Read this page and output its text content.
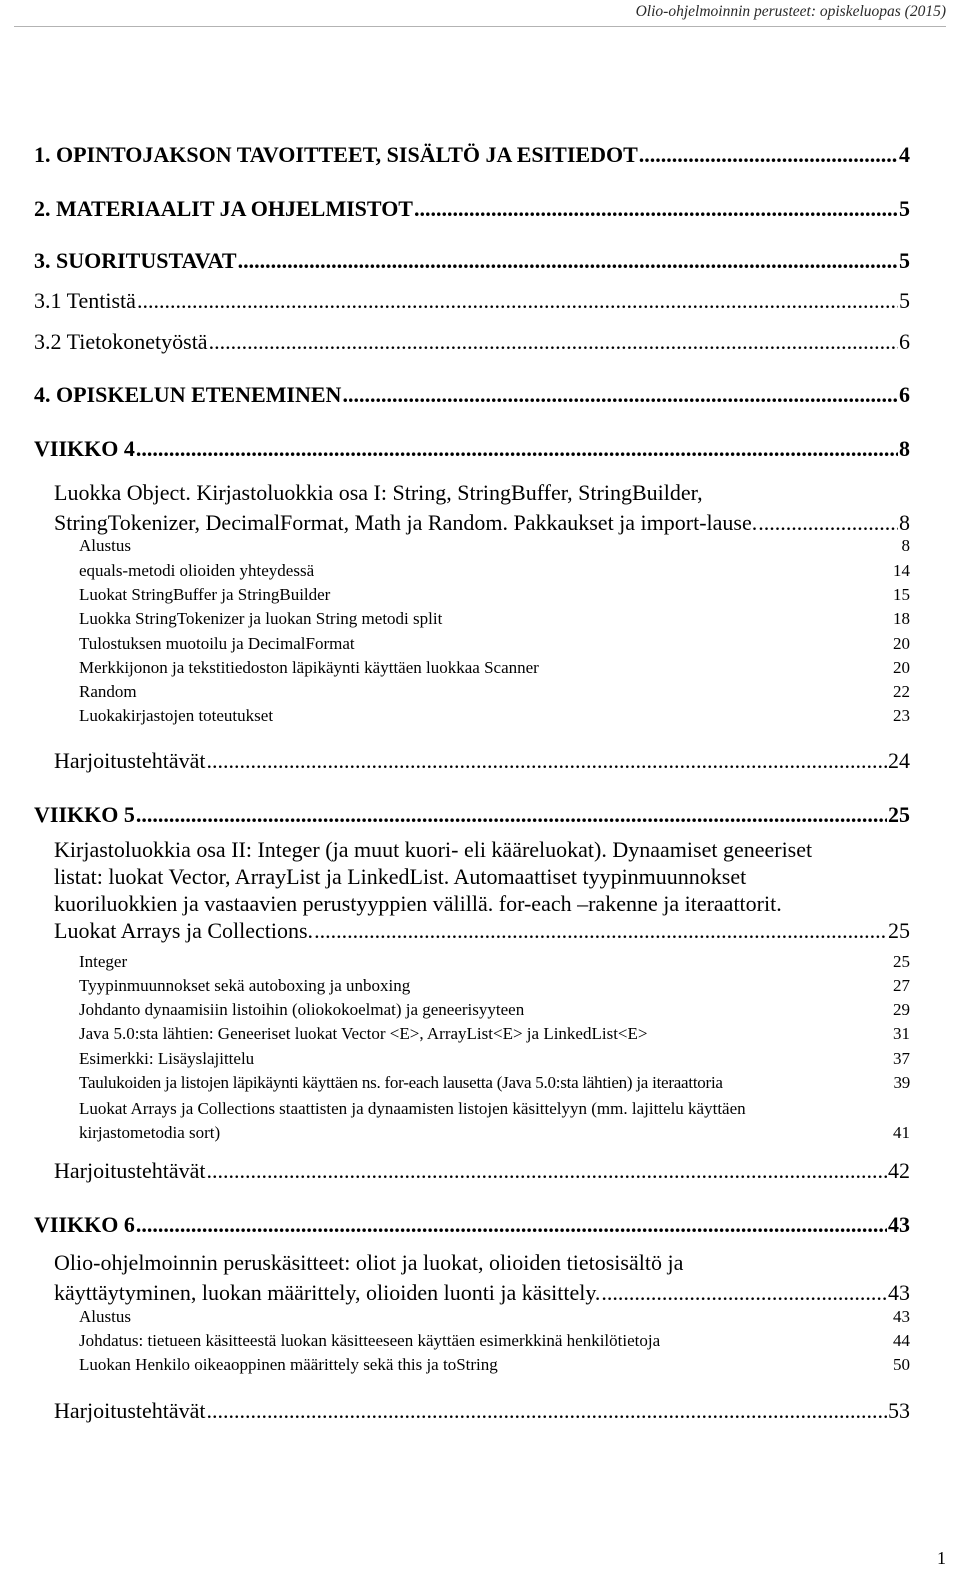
Olio-ohjelmoinnin perusteet: opiskeluopas (2015)
1. OPINTOJAKSON TAVOITTEET, SISÄLTÖ JA ESITIEDOT .....	4
2. MATERIAALIT JA OHJELMISTOT .....	5
3. SUORITUSTAVAT .....	5
3.1 Tentistä .....	5
3.2 Tietokonetyöstä .....	6
4. OPISKELUN ETENEMINEN .....	6
VIIKKO 4 .....	8
Luokka Object. Kirjastoluokkia osa I: String, StringBuffer, StringBuilder,
StringTokenizer, DecimalFormat, Math ja Random. Pakkaukset ja import-lause. .....	8
Alustus	8
equals-metodi olioiden yhteydessä	14
Luokat StringBuffer ja StringBuilder	15
Luokka StringTokenizer ja luokan String metodi split	18
Tulostuksen muotoilu ja DecimalFormat	20
Merkkijonon ja tekstitiedoston läpikäynti käyttäen luokkaa Scanner	20
Random	22
Luokakirjastojen toteutukset	23
Harjoitustehtävät .....	24
VIIKKO 5 .....	25
Kirjastoluokkia osa II: Integer (ja muut kuori- eli kääreluokat). Dynaamiset geneeriset
listat: luokat Vector, ArrayList ja LinkedList. Automaattiset tyypinmuunnokset
kuoriluokkien ja vastaavien perustyyppien välillä. for-each –rakenne ja iteraattorit.
Luokat Arrays ja Collections. .....	25
Integer	25
Tyypinmuunnokset sekä autoboxing ja unboxing	27
Johdanto dynaamisiin listoihin (oliokokoelmat) ja geneerisyyteen	29
Java 5.0:sta lähtien: Geneeriset luokat Vector <E>, ArrayList<E> ja LinkedList<E>	31
Esimerkki: Lisäyslajittelu	37
Taulukoiden ja listojen läpikäynti käyttäen ns. for-each lausetta (Java 5.0:sta lähtien) ja iteraattoria	39
Luokat Arrays ja Collections staattisten ja dynaamisten listojen käsittelyyn (mm. lajittelu käyttäen
kirjastometodia sort)	41
Harjoitustehtävät .....	42
VIIKKO 6 .....	43
Olio-ohjelmoinnin peruskäsitteet: oliot ja luokat, olioiden tietosisältö ja
käyttäytyminen, luokan määrittely, olioiden luonti ja käsittely. .....	43
Alustus	43
Johdatus: tietueen käsitteestä luokan käsitteeseen käyttäen esimerkkinä henkilötietoja	44
Luokan Henkilo oikeaoppinen määrittely sekä this ja toString	50
Harjoitustehtävät .....	53
1
